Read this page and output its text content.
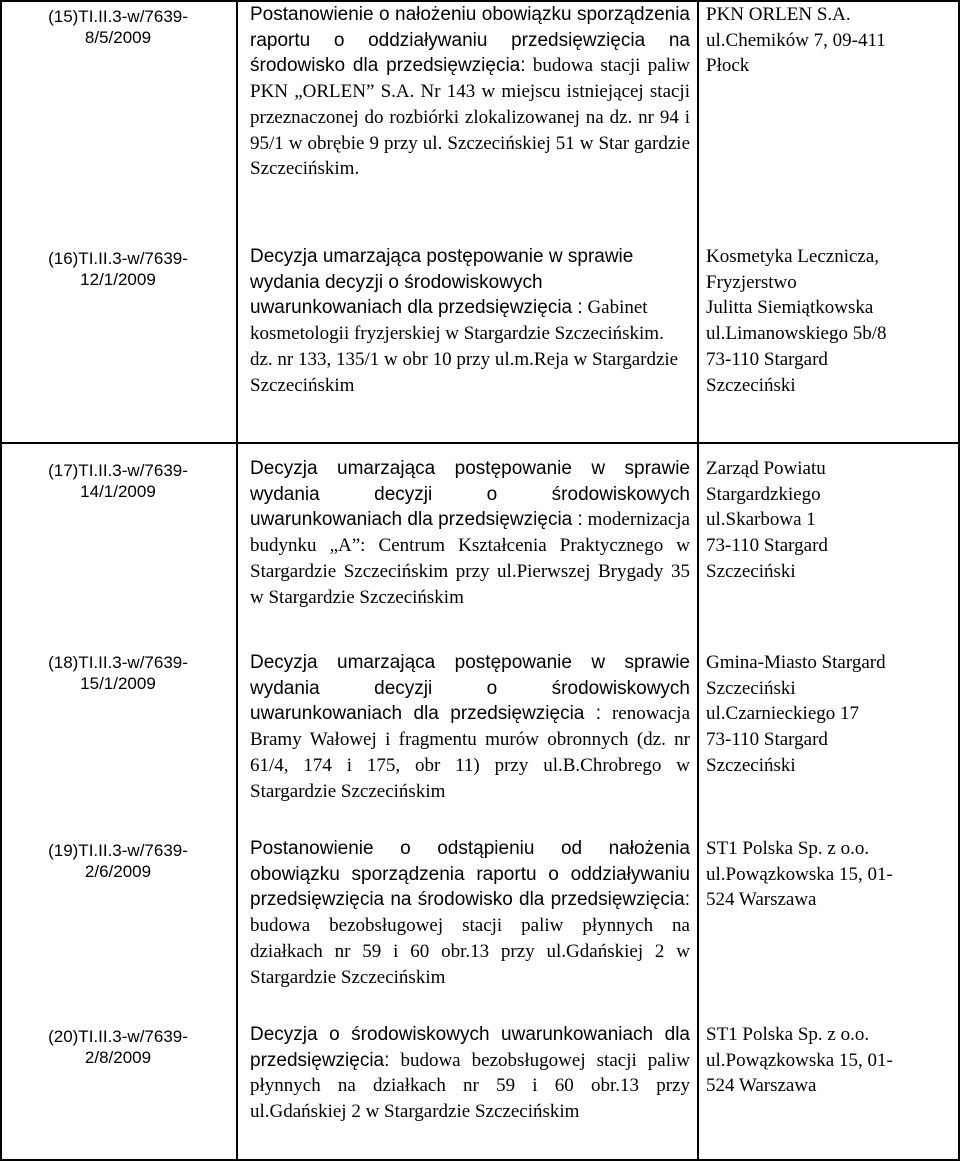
(15)TI.II.3-w/7639-
8/5/2009

Postanowienie o nałożeniu obowiązku sporządzenia raportu o oddziaływaniu przedsięwzięcia na środowisko dla przedsięwzięcia: budowa stacji paliw PKN „ORLEN” S.A. Nr 143 w miejscu istniejącej stacji przeznaczonej do rozbiórki zlokalizowanej na dz. nr 94 i 95/1 w obrębie 9 przy ul. Szczecińskiej 51 w Star gardzie Szczecińskim.

PKN ORLEN S.A.
ul.Chemików 7, 09-411
Płock

(16)TI.II.3-w/7639-
12/1/2009

Decyzja umarzająca postępowanie w sprawie wydania decyzji o środowiskowych uwarunkowaniach dla przedsięwzięcia : Gabinet kosmetologii fryzjerskiej w Stargardzie Szczecińskim. dz. nr 133, 135/1 w obr 10 przy ul.m.Reja w Stargardzie Szczecińskim

Kosmetyka Lecznicza,
Fryzjerstwo
Julitta Siemiątkowska
ul.Limanowskiego 5b/8
73-110 Stargard
Szczeciński

(17)TI.II.3-w/7639-
14/1/2009

Decyzja umarzająca postępowanie w sprawie wydania decyzji o środowiskowych uwarunkowaniach dla przedsięwzięcia : modernizacja budynku „A”: Centrum Kształcenia Praktycznego w Stargardzie Szczecińskim przy ul.Pierwszej Brygady 35 w Stargardzie Szczecińskim

Zarząd Powiatu
Stargardzkiego
ul.Skarbowa 1
73-110 Stargard
Szczeciński

(18)TI.II.3-w/7639-
15/1/2009

Decyzja umarzająca postępowanie w sprawie wydania decyzji o środowiskowych uwarunkowaniach dla przedsięwzięcia : renowacja Bramy Wałowej i fragmentu murów obronnych (dz. nr 61/4, 174 i 175, obr 11) przy ul.B.Chrobrego w Stargardzie Szczecińskim

Gmina-Miasto Stargard
Szczeciński
ul.Czarnieckiego 17
73-110 Stargard
Szczeciński

(19)TI.II.3-w/7639-
2/6/2009

Postanowienie o odstąpieniu od nałożenia obowiązku sporządzenia raportu o oddziaływaniu przedsięwzięcia na środowisko dla przedsięwzięcia: budowa bezobsługowej stacji paliw płynnych na działkach nr 59 i 60 obr.13 przy ul.Gdańskiej 2 w Stargardzie Szczecińskim

ST1 Polska Sp. z o.o.
ul.Powązkowska 15, 01-
524 Warszawa

(20)TI.II.3-w/7639-
2/8/2009

Decyzja o środowiskowych uwarunkowaniach dla przedsięwzięcia: budowa bezobsługowej stacji paliw płynnych na działkach nr 59 i 60 obr.13 przy ul.Gdańskiej 2 w Stargardzie Szczecińskim

ST1 Polska Sp. z o.o.
ul.Powązkowska 15, 01-
524 Warszawa
